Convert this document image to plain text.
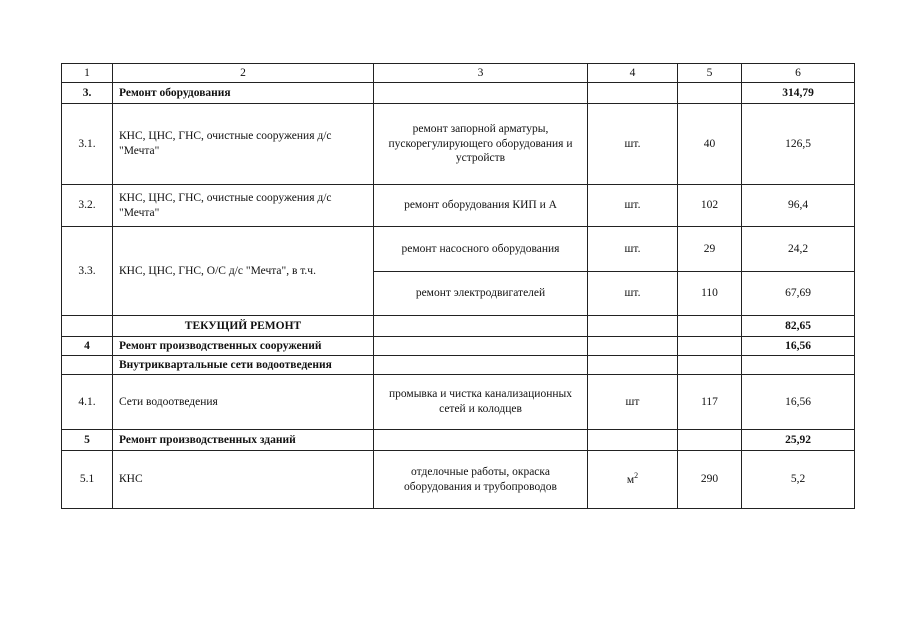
1	2	3	4	5	6
3.	Ремонт оборудования				314,79
3.1.	КНС, ЦНС, ГНС, очистные сооружения д/с "Мечта"	ремонт запорной арматуры, пускорегулирующего оборудования и устройств	шт.	40	126,5
3.2.	КНС, ЦНС, ГНС, очистные сооружения д/с "Мечта"	ремонт оборудования КИП и А	шт.	102	96,4
3.3.	КНС, ЦНС, ГНС, О/С д/с "Мечта", в т.ч.	ремонт насосного оборудования	шт.	29	24,2
		ремонт электродвигателей	шт.	110	67,69
	ТЕКУЩИЙ РЕМОНТ				82,65
4	Ремонт производственных сооружений				16,56
	Внутриквартальные сети водоотведения				
4.1.	Сети водоотведения	промывка и чистка канализационных сетей и колодцев	шт	117	16,56
5	Ремонт производственных зданий				25,92
5.1	КНС	отделочные работы, окраска оборудования и трубопроводов	$м^2$	290	5,2
